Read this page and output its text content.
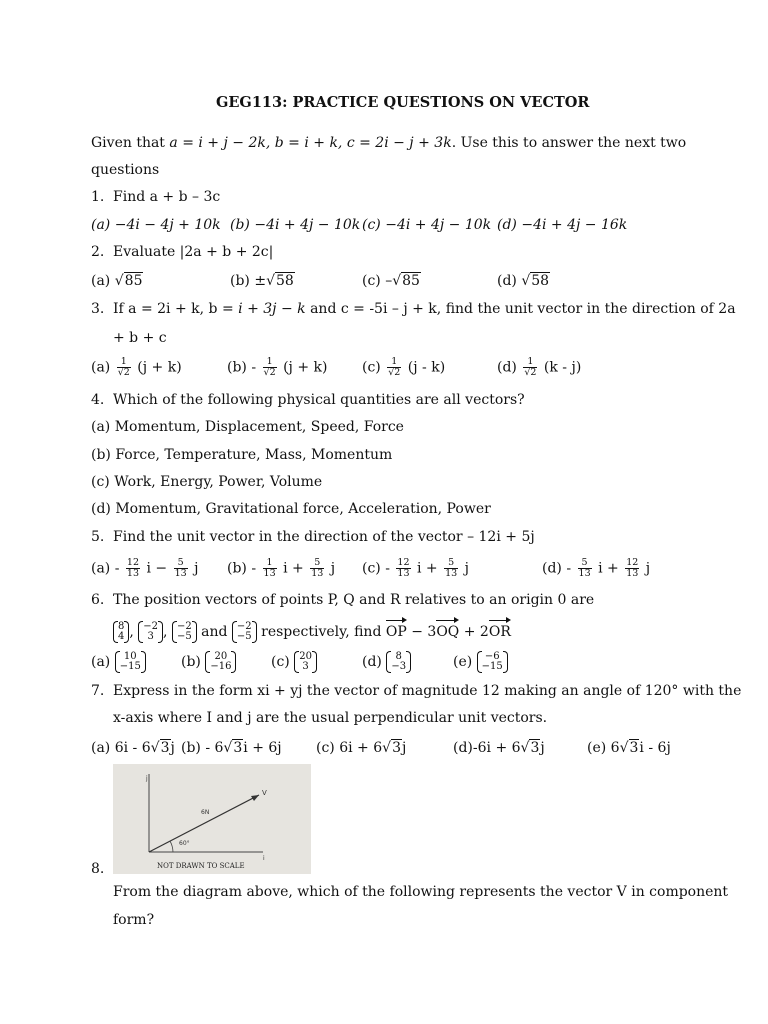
GEG113: PRACTICE QUESTIONS ON VECTOR
Given that a = i + j − 2k, b = i + k, c = 2i − j + 3k. Use this to answer the next two
questions
1. Find a + b – 3c
(a) −4i − 4j + 10k (b) −4i + 4j − 10k (c) −4i + 4j − 10k (d) −4i + 4j − 16k
2. Evaluate |2a + b + 2c|
(a) √85	(b) ±√58	(c) –√85	(d) √58
3. If a = 2i + k, b = i + 3j − k and c = -5i – j + k, find the unit vector in the direction of 2a
+ b + c
$(a) \frac{1}{√2} (j + k)$	$(b) - \frac{1}{√2} (j + k)$ $(c) \frac{1}{√2} (j - k)$	$(d) \frac{1}{√2} (k - j)$
4. Which of the following physical quantities are all vectors?
(a) Momentum, Displacement, Speed, Force
(b) Force, Temperature, Mass, Momentum
(c) Work, Energy, Power, Volume
(d) Momentum, Gravitational force, Acceleration, Power
5. Find the unit vector in the direction of the vector – 12i + 5j
$(a) - \frac{12}{13}$ $i - \frac{5}{13}$ j $(b) - \frac{1}{13}$ $i + \frac{5}{13}$ j $(c) - \frac{12}{13}$ $i + \frac{5}{13}$ j	$(d) - \frac{5}{13}$ $i + \frac{12}{13}$ j
6. The position vectors of points P, Q and R relatives to an origin 0 are
8
4 , −2
3 , −2
−5 and −2
−5 respectively, find OP − 3OQ + 2OR
(a) 10
−15	(b) 20
−16	(c) 20
3	(d) 8
−3	(e) −6
−15
7. Express in the form xi + yj the vector of magnitude 12 making an angle of 120° with the
x-axis where I and j are the usual perpendicular unit vectors.
(a) 6i - 6√3j (b) - 6√3i + 6j (c) 6i + 6√3j	(d)-6i + 6√3j	(e) 6√3i - 6j
6N
60°
V
i
j
NOT DRAWN TO SCALE
8.
From the diagram above, which of the following represents the vector V in component
form?
